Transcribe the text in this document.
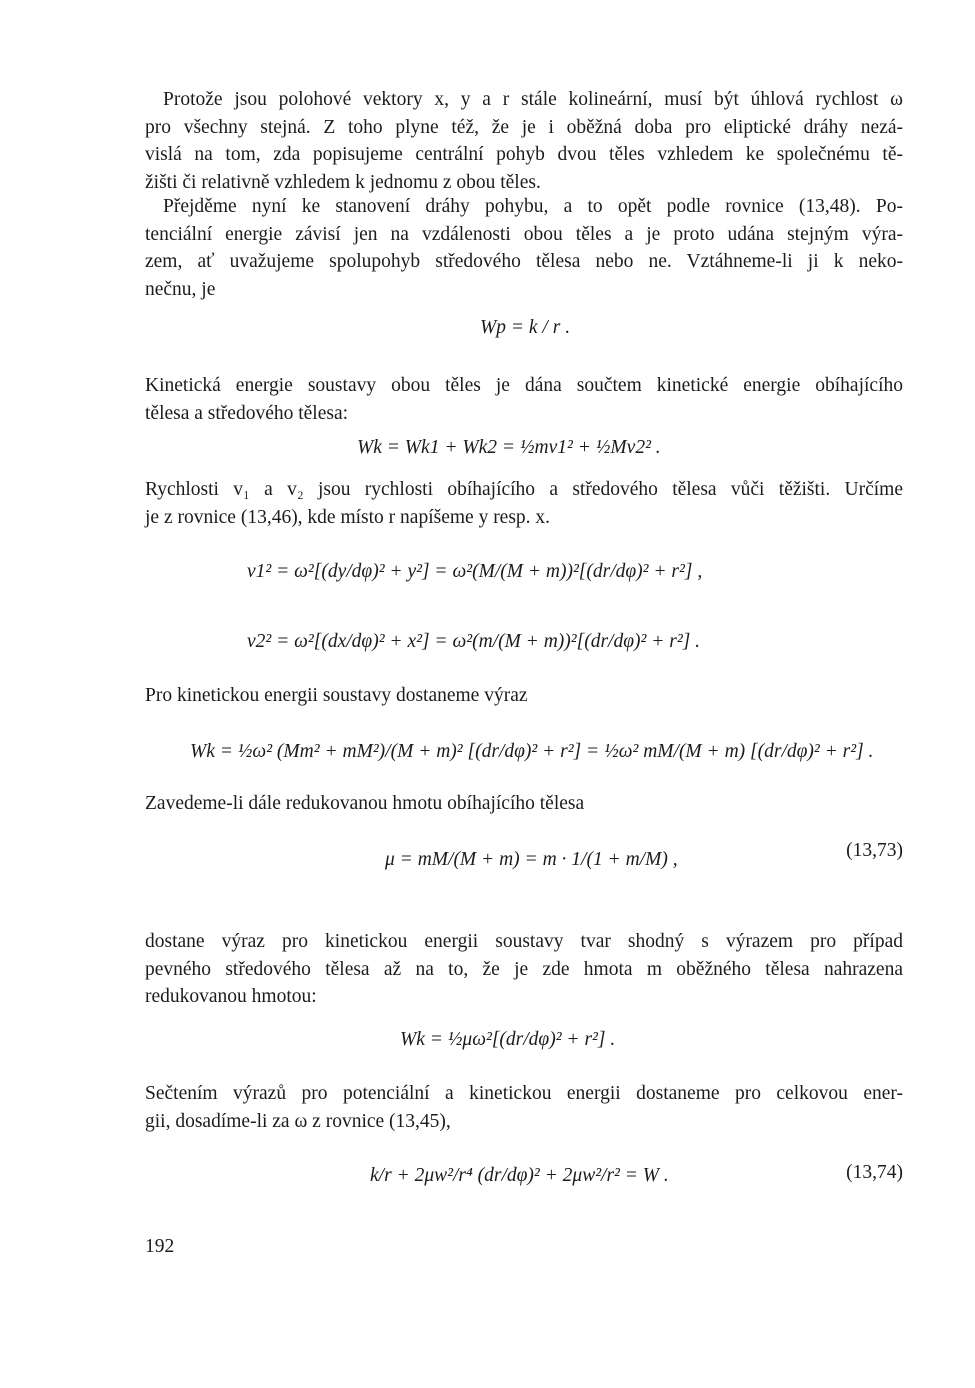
Protože jsou polohové vektory x, y a r stále kolineární, musí být úhlová rychlost ω
pro všechny stejná. Z toho plyne též, že je i oběžná doba pro eliptické dráhy nezá-
vislá na tom, zda popisujeme centrální pohyb dvou těles vzhledem ke společnému tě-
žišti či relativně vzhledem k jednomu z obou těles.
Přejděme nyní ke stanovení dráhy pohybu, a to opět podle rovnice (13,48). Po-
tenciální energie závisí jen na vzdálenosti obou těles a je proto udána stejným výra-
zem, ať uvažujeme spolupohyb středového tělesa nebo ne. Vztáhneme-li ji k neko-
nečnu, je
Wp = k / r .
Kinetická energie soustavy obou těles je dána součtem kinetické energie obíhajícího
tělesa a středového tělesa:
Wk = Wk1 + Wk2 = ½mv1² + ½Mv2² .
Rychlosti v₁ a v₂ jsou rychlosti obíhajícího a středového tělesa vůči těžišti. Určíme
je z rovnice (13,46), kde místo r napíšeme y resp. x.
v1² = ω²[(dy/dφ)² + y²] = ω²(M/(M + m))²[(dr/dφ)² + r²] ,
v2² = ω²[(dx/dφ)² + x²] = ω²(m/(M + m))²[(dr/dφ)² + r²] .
Pro kinetickou energii soustavy dostaneme výraz
Wk = ½ω² (Mm² + mM²)/(M + m)² [(dr/dφ)² + r²] = ½ω² mM/(M + m) [(dr/dφ)² + r²] .
Zavedeme-li dále redukovanou hmotu obíhajícího tělesa
μ = mM/(M + m) = m · 1/(1 + m/M) ,	(13,73)
dostane výraz pro kinetickou energii soustavy tvar shodný s výrazem pro případ
pevného středového tělesa až na to, že je zde hmota m oběžného tělesa nahrazena
redukovanou hmotou:
Wk = ½μω²[(dr/dφ)² + r²] .
Sečtením výrazů pro potenciální a kinetickou energii dostaneme pro celkovou ener-
gii, dosadíme-li za ω z rovnice (13,45),
k/r + 2μw²/r⁴ (dr/dφ)² + 2μw²/r² = W .	(13,74)
192
